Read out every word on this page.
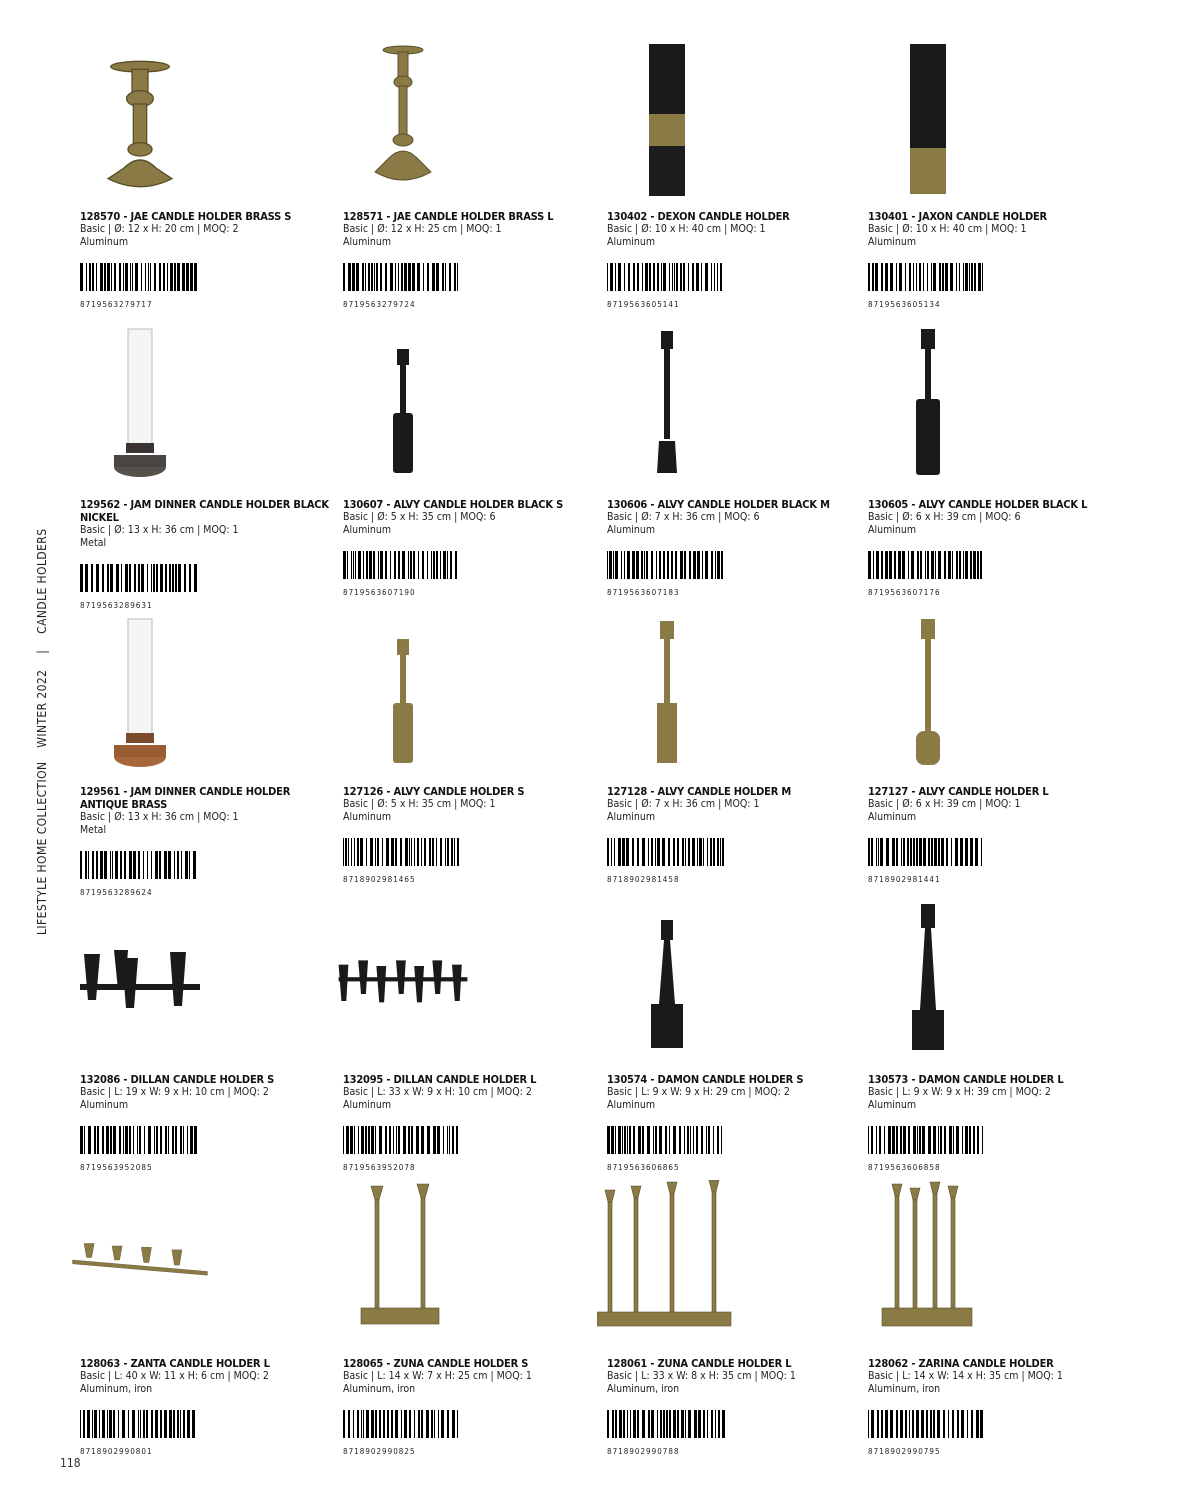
LIFESTYLE HOME COLLECTION WINTER 2022 | CANDLE HOLDERS
118
128570 - JAE CANDLE HOLDER BRASS S
Basic | Ø: 12 x H: 20 cm | MOQ: 2
Aluminum
8719563279717
128571 - JAE CANDLE HOLDER BRASS L
Basic | Ø: 12 x H: 25 cm | MOQ: 1
Aluminum
8719563279724
130402 - DEXON CANDLE HOLDER
Basic | Ø: 10 x H: 40 cm | MOQ: 1
Aluminum
8719563605141
130401 - JAXON CANDLE HOLDER
Basic | Ø: 10 x H: 40 cm | MOQ: 1
Aluminum
8719563605134
129562 - JAM DINNER CANDLE HOLDER BLACK NICKEL
Basic | Ø: 13 x H: 36 cm | MOQ: 1
Metal
8719563289631
130607 - ALVY CANDLE HOLDER BLACK S
Basic | Ø: 5 x H: 35 cm | MOQ: 6
Aluminum
8719563607190
130606 - ALVY CANDLE HOLDER BLACK M
Basic | Ø: 7 x H: 36 cm | MOQ: 6
Aluminum
8719563607183
130605 - ALVY CANDLE HOLDER BLACK L
Basic | Ø: 6 x H: 39 cm | MOQ: 6
Aluminum
8719563607176
129561 - JAM DINNER CANDLE HOLDER ANTIQUE BRASS
Basic | Ø: 13 x H: 36 cm | MOQ: 1
Metal
8719563289624
127126 - ALVY CANDLE HOLDER S
Basic | Ø: 5 x H: 35 cm | MOQ: 1
Aluminum
8718902981465
127128 - ALVY CANDLE HOLDER M
Basic | Ø: 7 x H: 36 cm | MOQ: 1
Aluminum
8718902981458
127127 - ALVY CANDLE HOLDER L
Basic | Ø: 6 x H: 39 cm | MOQ: 1
Aluminum
8718902981441
132086 - DILLAN CANDLE HOLDER S
Basic | L: 19 x W: 9 x H: 10 cm | MOQ: 2
Aluminum
8719563952085
132095 - DILLAN CANDLE HOLDER L
Basic | L: 33 x W: 9 x H: 10 cm | MOQ: 2
Aluminum
8719563952078
130574 - DAMON CANDLE HOLDER S
Basic | L: 9 x W: 9 x H: 29 cm | MOQ: 2
Aluminum
8719563606865
130573 - DAMON CANDLE HOLDER L
Basic | L: 9 x W: 9 x H: 39 cm | MOQ: 2
Aluminum
8719563606858
128063 - ZANTA CANDLE HOLDER L
Basic | L: 40 x W: 11 x H: 6 cm | MOQ: 2
Aluminum, iron
8718902990801
128065 - ZUNA CANDLE HOLDER S
Basic | L: 14 x W: 7 x H: 25 cm | MOQ: 1
Aluminum, iron
8718902990825
128061 - ZUNA CANDLE HOLDER L
Basic | L: 33 x W: 8 x H: 35 cm | MOQ: 1
Aluminum, iron
8718902990788
128062 - ZARINA CANDLE HOLDER
Basic | L: 14 x W: 14 x H: 35 cm | MOQ: 1
Aluminum, iron
8718902990795
